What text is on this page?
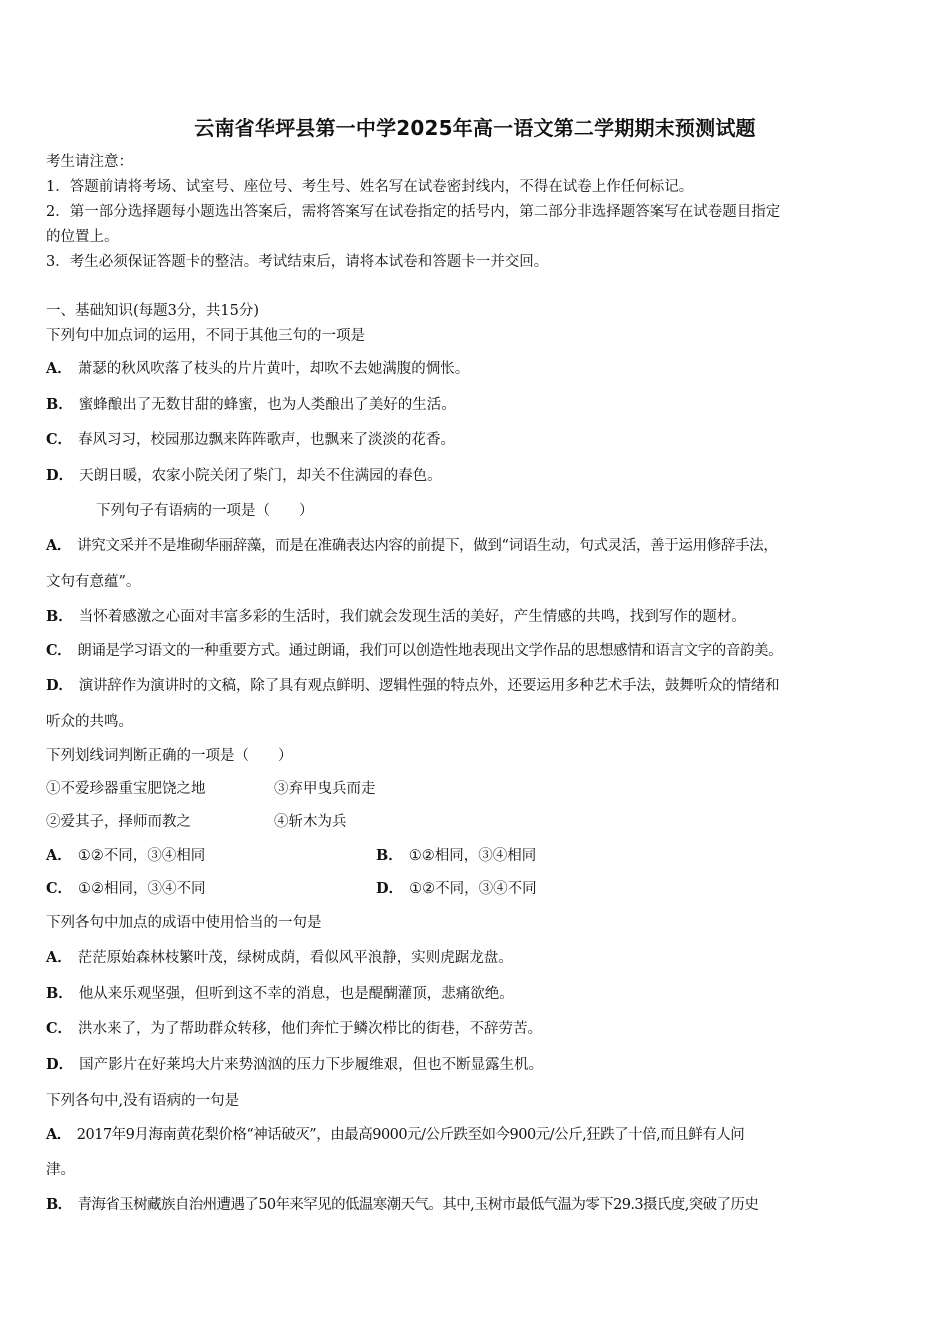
云南省华坪县第一中学2025年高一语文第二学期期末预测试题
考生请注意：
1．答题前请将考场、试室号、座位号、考生号、姓名写在试卷密封线内，不得在试卷上作任何标记。
2．第一部分选择题每小题选出答案后，需将答案写在试卷指定的括号内，第二部分非选择题答案写在试卷题目指定
的位置上。
3．考生必须保证答题卡的整洁。考试结束后，请将本试卷和答题卡一并交回。
一、基础知识(每题3分，共15分)
下列句中加点词的运用，不同于其他三句的一项是
A． 萧瑟的秋风吹落了枝头的片片黄叶，却吹不去她满腹的惆怅。
B． 蜜蜂酿出了无数甘甜的蜂蜜，也为人类酿出了美好的生活。
C． 春风习习，校园那边飘来阵阵歌声，也飘来了淡淡的花香。
D． 天朗日暖，农家小院关闭了柴门，却关不住满园的春色。
下列句子有语病的一项是（　　）
A． 讲究文采并不是堆砌华丽辞藻，而是在准确表达内容的前提下，做到“词语生动，句式灵活，善于运用修辞手法，
文句有意蕴”。
B． 当怀着感激之心面对丰富多彩的生活时，我们就会发现生活的美好，产生情感的共鸣，找到写作的题材。
C． 朗诵是学习语文的一种重要方式。通过朗诵，我们可以创造性地表现出文学作品的思想感情和语言文字的音韵美。
D． 演讲辞作为演讲时的文稿，除了具有观点鲜明、逻辑性强的特点外，还要运用多种艺术手法，鼓舞听众的情绪和
听众的共鸣。
下列划线词判断正确的一项是（　　）
①不爱珍器重宝肥饶之地	③弃甲曳兵而走
②爱其子，择师而教之	④斩木为兵
A． ①②不同，③④相同	B． ①②相同，③④相同
C． ①②相同，③④不同	D． ①②不同，③④不同
下列各句中加点的成语中使用恰当的一句是
A． 茫茫原始森林枝繁叶茂，绿树成荫，看似风平浪静，实则虎踞龙盘。
B． 他从来乐观坚强，但听到这不幸的消息，也是醍醐灌顶，悲痛欲绝。
C． 洪水来了，为了帮助群众转移，他们奔忙于鳞次栉比的街巷，不辞劳苦。
D． 国产影片在好莱坞大片来势汹汹的压力下步履维艰，但也不断显露生机。
下列各句中,没有语病的一句是
A． 2017年9月海南黄花梨价格“神话破灭”，由最高9000元/公斤跌至如今900元/公斤,狂跌了十倍,而且鲜有人问
津。
B． 青海省玉树藏族自治州遭遇了50年来罕见的低温寒潮天气。其中,玉树市最低气温为零下29.3摄氏度,突破了历史
